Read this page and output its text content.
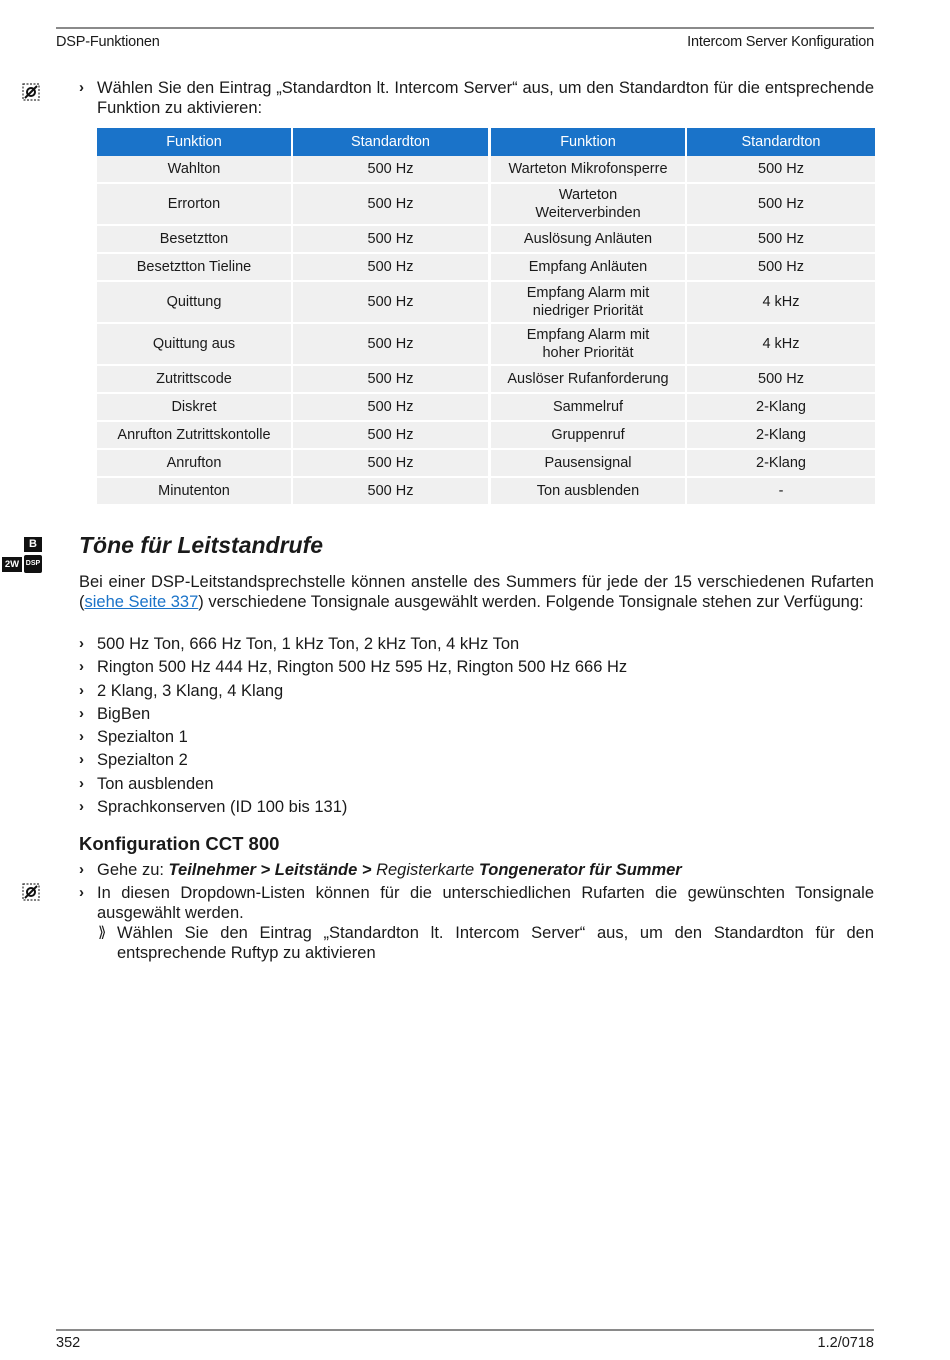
DSP-Funktionen	Intercom Server Konfiguration
› Wählen Sie den Eintrag „Standardton lt. Intercom Server“ aus, um den Standardton für die entsprechende Funktion zu aktivieren:
Funktion	Standardton	Funktion	Standardton
Wahlton	500 Hz	Warteton Mikrofonsperre	500 Hz
Errorton	500 Hz	Warteton Weiterverbinden	500 Hz
Besetztton	500 Hz	Auslösung Anläuten	500 Hz
Besetztton Tieline	500 Hz	Empfang Anläuten	500 Hz
Quittung	500 Hz	Empfang Alarm mit niedriger Priorität	4 kHz
Quittung aus	500 Hz	Empfang Alarm mit hoher Priorität	4 kHz
Zutrittscode	500 Hz	Auslöser Rufanforderung	500 Hz
Diskret	500 Hz	Sammelruf	2-Klang
Anrufton Zutrittskontolle	500 Hz	Gruppenruf	2-Klang
Anrufton	500 Hz	Pausensignal	2-Klang
Minutenton	500 Hz	Ton ausblenden	-
B
2W DSP
Töne für Leitstandrufe
Bei einer DSP-Leitstandsprechstelle können anstelle des Summers für jede der 15 verschiedenen Rufarten (siehe Seite 337) verschiedene Tonsignale ausgewählt werden. Folgende Tonsignale stehen zur Verfügung:
› 500 Hz Ton, 666 Hz Ton, 1 kHz Ton, 2 kHz Ton, 4 kHz Ton
› Rington 500 Hz 444 Hz, Rington 500 Hz 595 Hz, Rington 500 Hz 666 Hz
› 2 Klang, 3 Klang, 4 Klang
› BigBen
› Spezialton 1
› Spezialton 2
› Ton ausblenden
› Sprachkonserven (ID 100 bis 131)
Konfiguration CCT 800
› Gehe zu: Teilnehmer > Leitstände > Registerkarte Tongenerator für Summer
› In diesen Dropdown-Listen können für die unterschiedlichen Rufarten die gewünschten Tonsignale ausgewählt werden.
⟫ Wählen Sie den Eintrag „Standardton lt. Intercom Server“ aus, um den Standardton für den entsprechende Ruftyp zu aktivieren
352	1.2/0718
